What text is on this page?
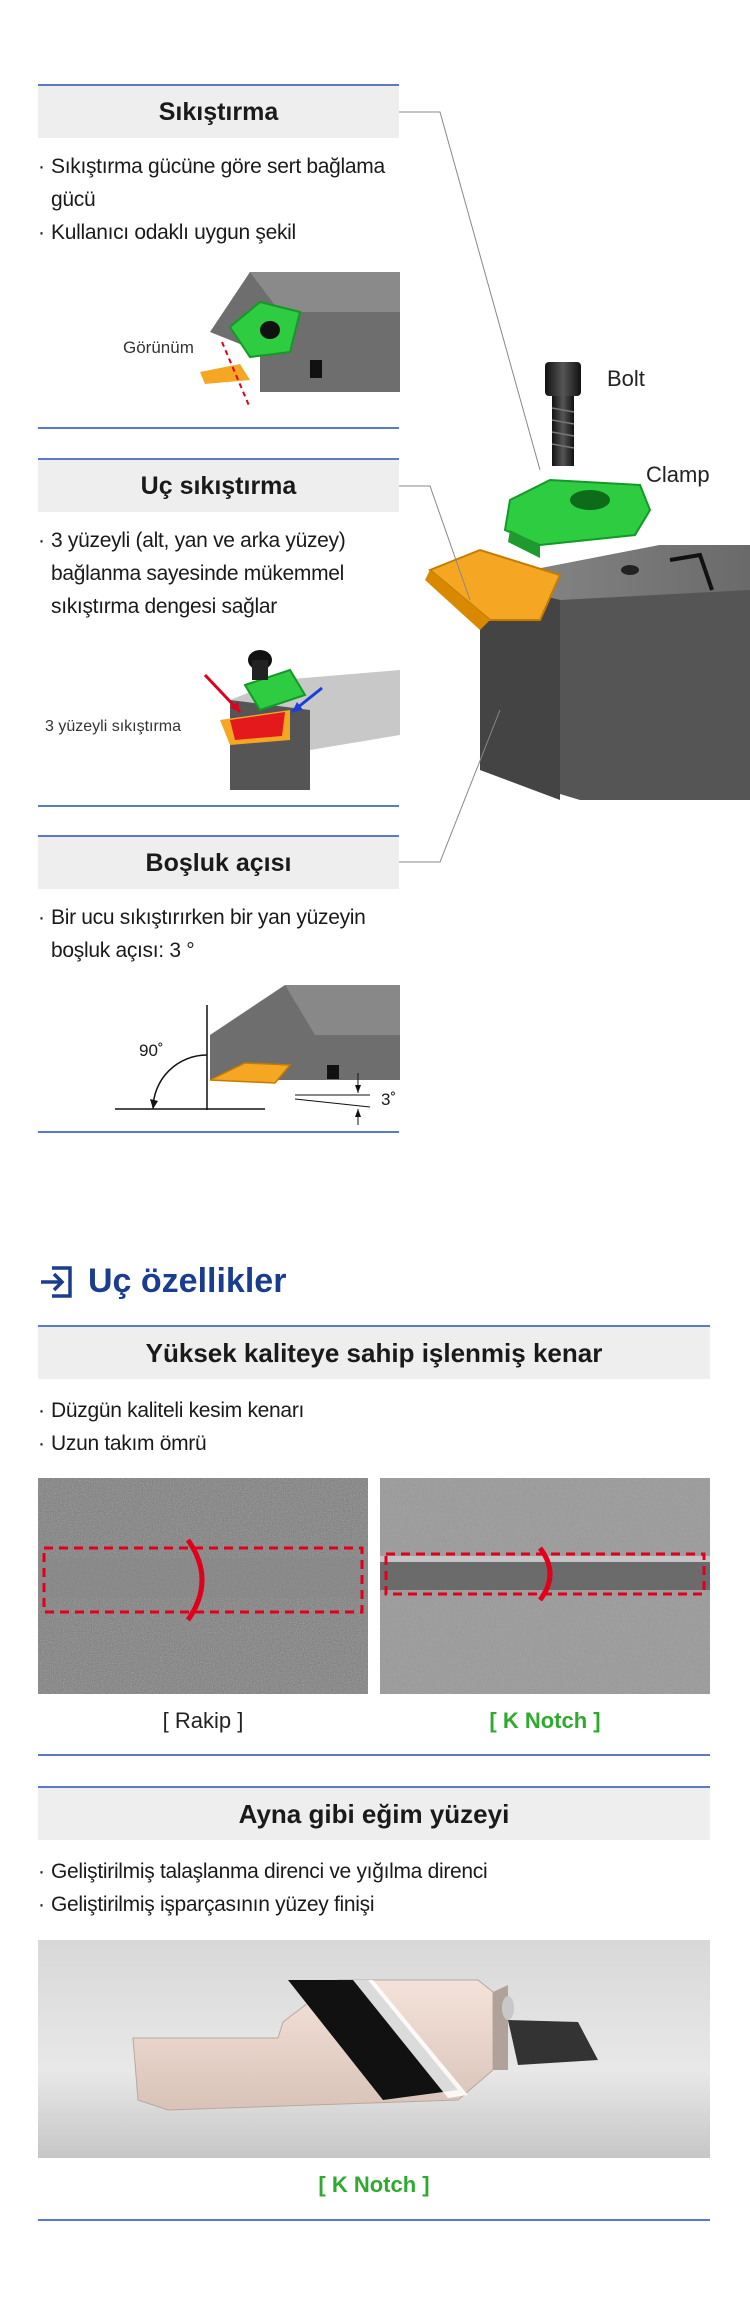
Bolt
Clamp
Sıkıştırma
· Sıkıştırma gücüne göre sert bağlama gücü
· Kullanıcı odaklı uygun şekil
Görünüm
Uç sıkıştırma
· 3 yüzeyli (alt, yan ve arka yüzey) bağlanma sayesinde mükemmel sıkıştırma dengesi sağlar
3 yüzeyli sıkıştırma
Boşluk açısı
· Bir ucu sıkıştırırken bir yan yüzeyin boşluk açısı: 3 °
90˚
3˚
Uç özellikler
Yüksek kaliteye sahip işlenmiş kenar
· Düzgün kaliteli kesim kenarı
· Uzun takım ömrü
[ Rakip ]	[ K Notch ]
Ayna gibi eğim yüzeyi
· Geliştirilmiş talaşlanma direnci ve yığılma direnci
· Geliştirilmiş işparçasının yüzey finişi
[ K Notch ]
